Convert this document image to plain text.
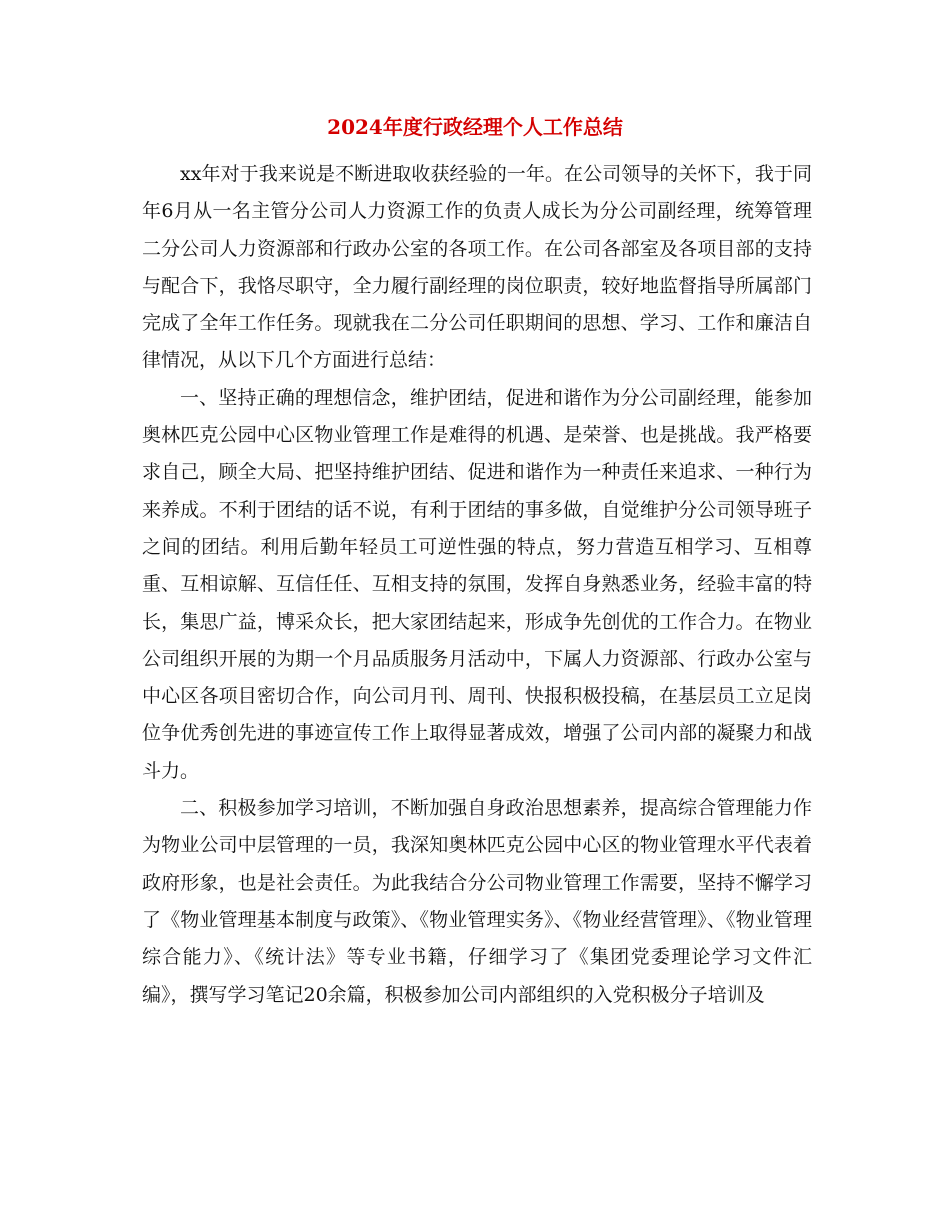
2024年度行政经理个人工作总结

xx年对于我来说是不断进取收获经验的一年。在公司领导的关怀下，我于同年6月从一名主管分公司人力资源工作的负责人成长为分公司副经理，统筹管理二分公司人力资源部和行政办公室的各项工作。在公司各部室及各项目部的支持与配合下，我恪尽职守，全力履行副经理的岗位职责，较好地监督指导所属部门完成了全年工作任务。现就我在二分公司任职期间的思想、学习、工作和廉洁自律情况，从以下几个方面进行总结：

一、坚持正确的理想信念，维护团结，促进和谐作为分公司副经理，能参加奥林匹克公园中心区物业管理工作是难得的机遇、是荣誉、也是挑战。我严格要求自己，顾全大局、把坚持维护团结、促进和谐作为一种责任来追求、一种行为来养成。不利于团结的话不说，有利于团结的事多做，自觉维护分公司领导班子之间的团结。利用后勤年轻员工可逆性强的特点，努力营造互相学习、互相尊重、互相谅解、互信任任、互相支持的氛围，发挥自身熟悉业务，经验丰富的特长，集思广益，博采众长，把大家团结起来，形成争先创优的工作合力。在物业公司组织开展的为期一个月品质服务月活动中，下属人力资源部、行政办公室与中心区各项目密切合作，向公司月刊、周刊、快报积极投稿，在基层员工立足岗位争优秀创先进的事迹宣传工作上取得显著成效，增强了公司内部的凝聚力和战斗力。

二、积极参加学习培训，不断加强自身政治思想素养，提高综合管理能力作为物业公司中层管理的一员，我深知奥林匹克公园中心区的物业管理水平代表着政府形象，也是社会责任。为此我结合分公司物业管理工作需要，坚持不懈学习了《物业管理基本制度与政策》、《物业管理实务》、《物业经营管理》、《物业管理综合能力》、《统计法》等专业书籍，仔细学习了《集团党委理论学习文件汇编》，撰写学习笔记20余篇，积极参加公司内部组织的入党积极分子培训及
